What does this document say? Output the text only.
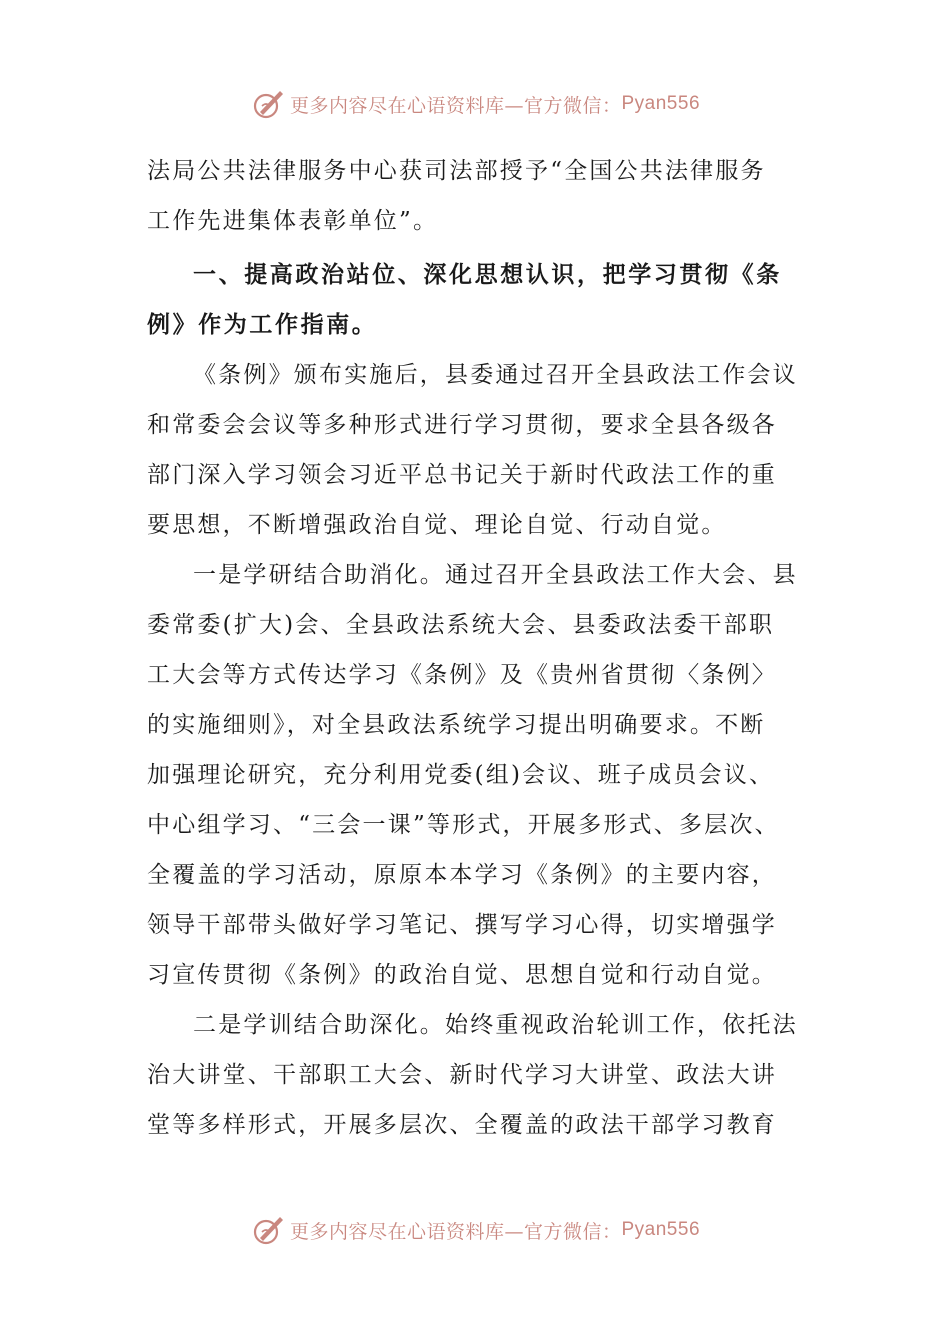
更多内容尽在心语资料库—官方微信： Pyan556

法局公共法律服务中心获司法部授予“全国公共法律服务
工作先进集体表彰单位”。

一、提高政治站位、深化思想认识，把学习贯彻《条
例》作为工作指南。

《条例》颁布实施后，县委通过召开全县政法工作会议
和常委会会议等多种形式进行学习贯彻，要求全县各级各
部门深入学习领会习近平总书记关于新时代政法工作的重
要思想，不断增强政治自觉、理论自觉、行动自觉。

一是学研结合助消化。通过召开全县政法工作大会、县
委常委(扩大)会、全县政法系统大会、县委政法委干部职
工大会等方式传达学习《条例》及《贵州省贯彻〈条例〉
的实施细则》，对全县政法系统学习提出明确要求。不断
加强理论研究，充分利用党委(组)会议、班子成员会议、
中心组学习、“三会一课”等形式，开展多形式、多层次、
全覆盖的学习活动，原原本本学习《条例》的主要内容，
领导干部带头做好学习笔记、撰写学习心得，切实增强学
习宣传贯彻《条例》的政治自觉、思想自觉和行动自觉。

二是学训结合助深化。始终重视政治轮训工作，依托法
治大讲堂、干部职工大会、新时代学习大讲堂、政法大讲
堂等多样形式，开展多层次、全覆盖的政法干部学习教育

更多内容尽在心语资料库—官方微信： Pyan556
